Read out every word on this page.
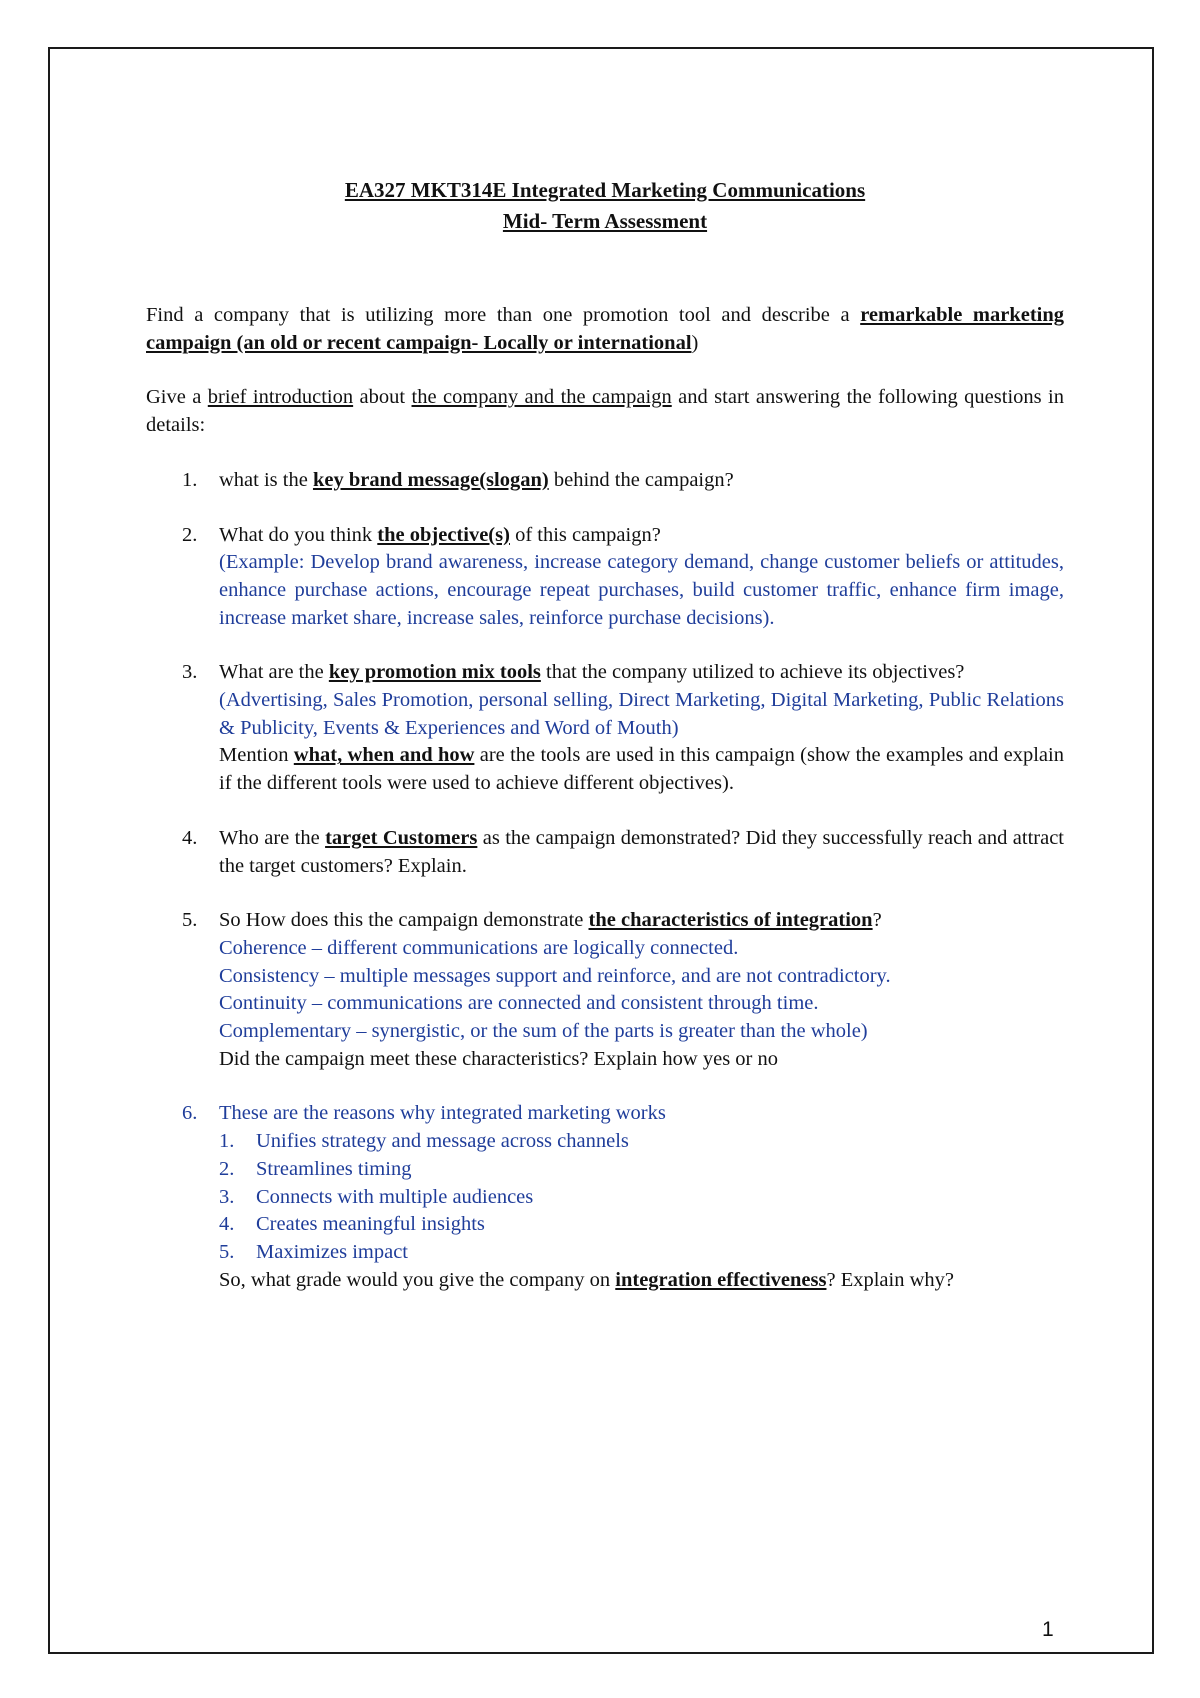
EA327 MKT314E Integrated Marketing Communications
Mid- Term Assessment

Find a company that is utilizing more than one promotion tool and describe a remarkable marketing campaign (an old or recent campaign- Locally or international)

Give a brief introduction about the company and the campaign and start answering the following questions in details:

1. what is the key brand message(slogan) behind the campaign?
2. What do you think the objective(s) of this campaign?
(Example: Develop brand awareness, increase category demand, change customer beliefs or attitudes, enhance purchase actions, encourage repeat purchases, build customer traffic, enhance firm image, increase market share, increase sales, reinforce purchase decisions).
3. What are the key promotion mix tools that the company utilized to achieve its objectives?
(Advertising, Sales Promotion, personal selling, Direct Marketing, Digital Marketing, Public Relations & Publicity, Events & Experiences and Word of Mouth)
Mention what, when and how are the tools are used in this campaign (show the examples and explain if the different tools were used to achieve different objectives).
4. Who are the target Customers as the campaign demonstrated? Did they successfully reach and attract the target customers? Explain.
5. So How does this the campaign demonstrate the characteristics of integration?
Coherence – different communications are logically connected.
Consistency – multiple messages support and reinforce, and are not contradictory.
Continuity – communications are connected and consistent through time.
Complementary – synergistic, or the sum of the parts is greater than the whole)
Did the campaign meet these characteristics? Explain how yes or no
6. These are the reasons why integrated marketing works
1. Unifies strategy and message across channels
2. Streamlines timing
3. Connects with multiple audiences
4. Creates meaningful insights
5. Maximizes impact
So, what grade would you give the company on integration effectiveness? Explain why?
1
